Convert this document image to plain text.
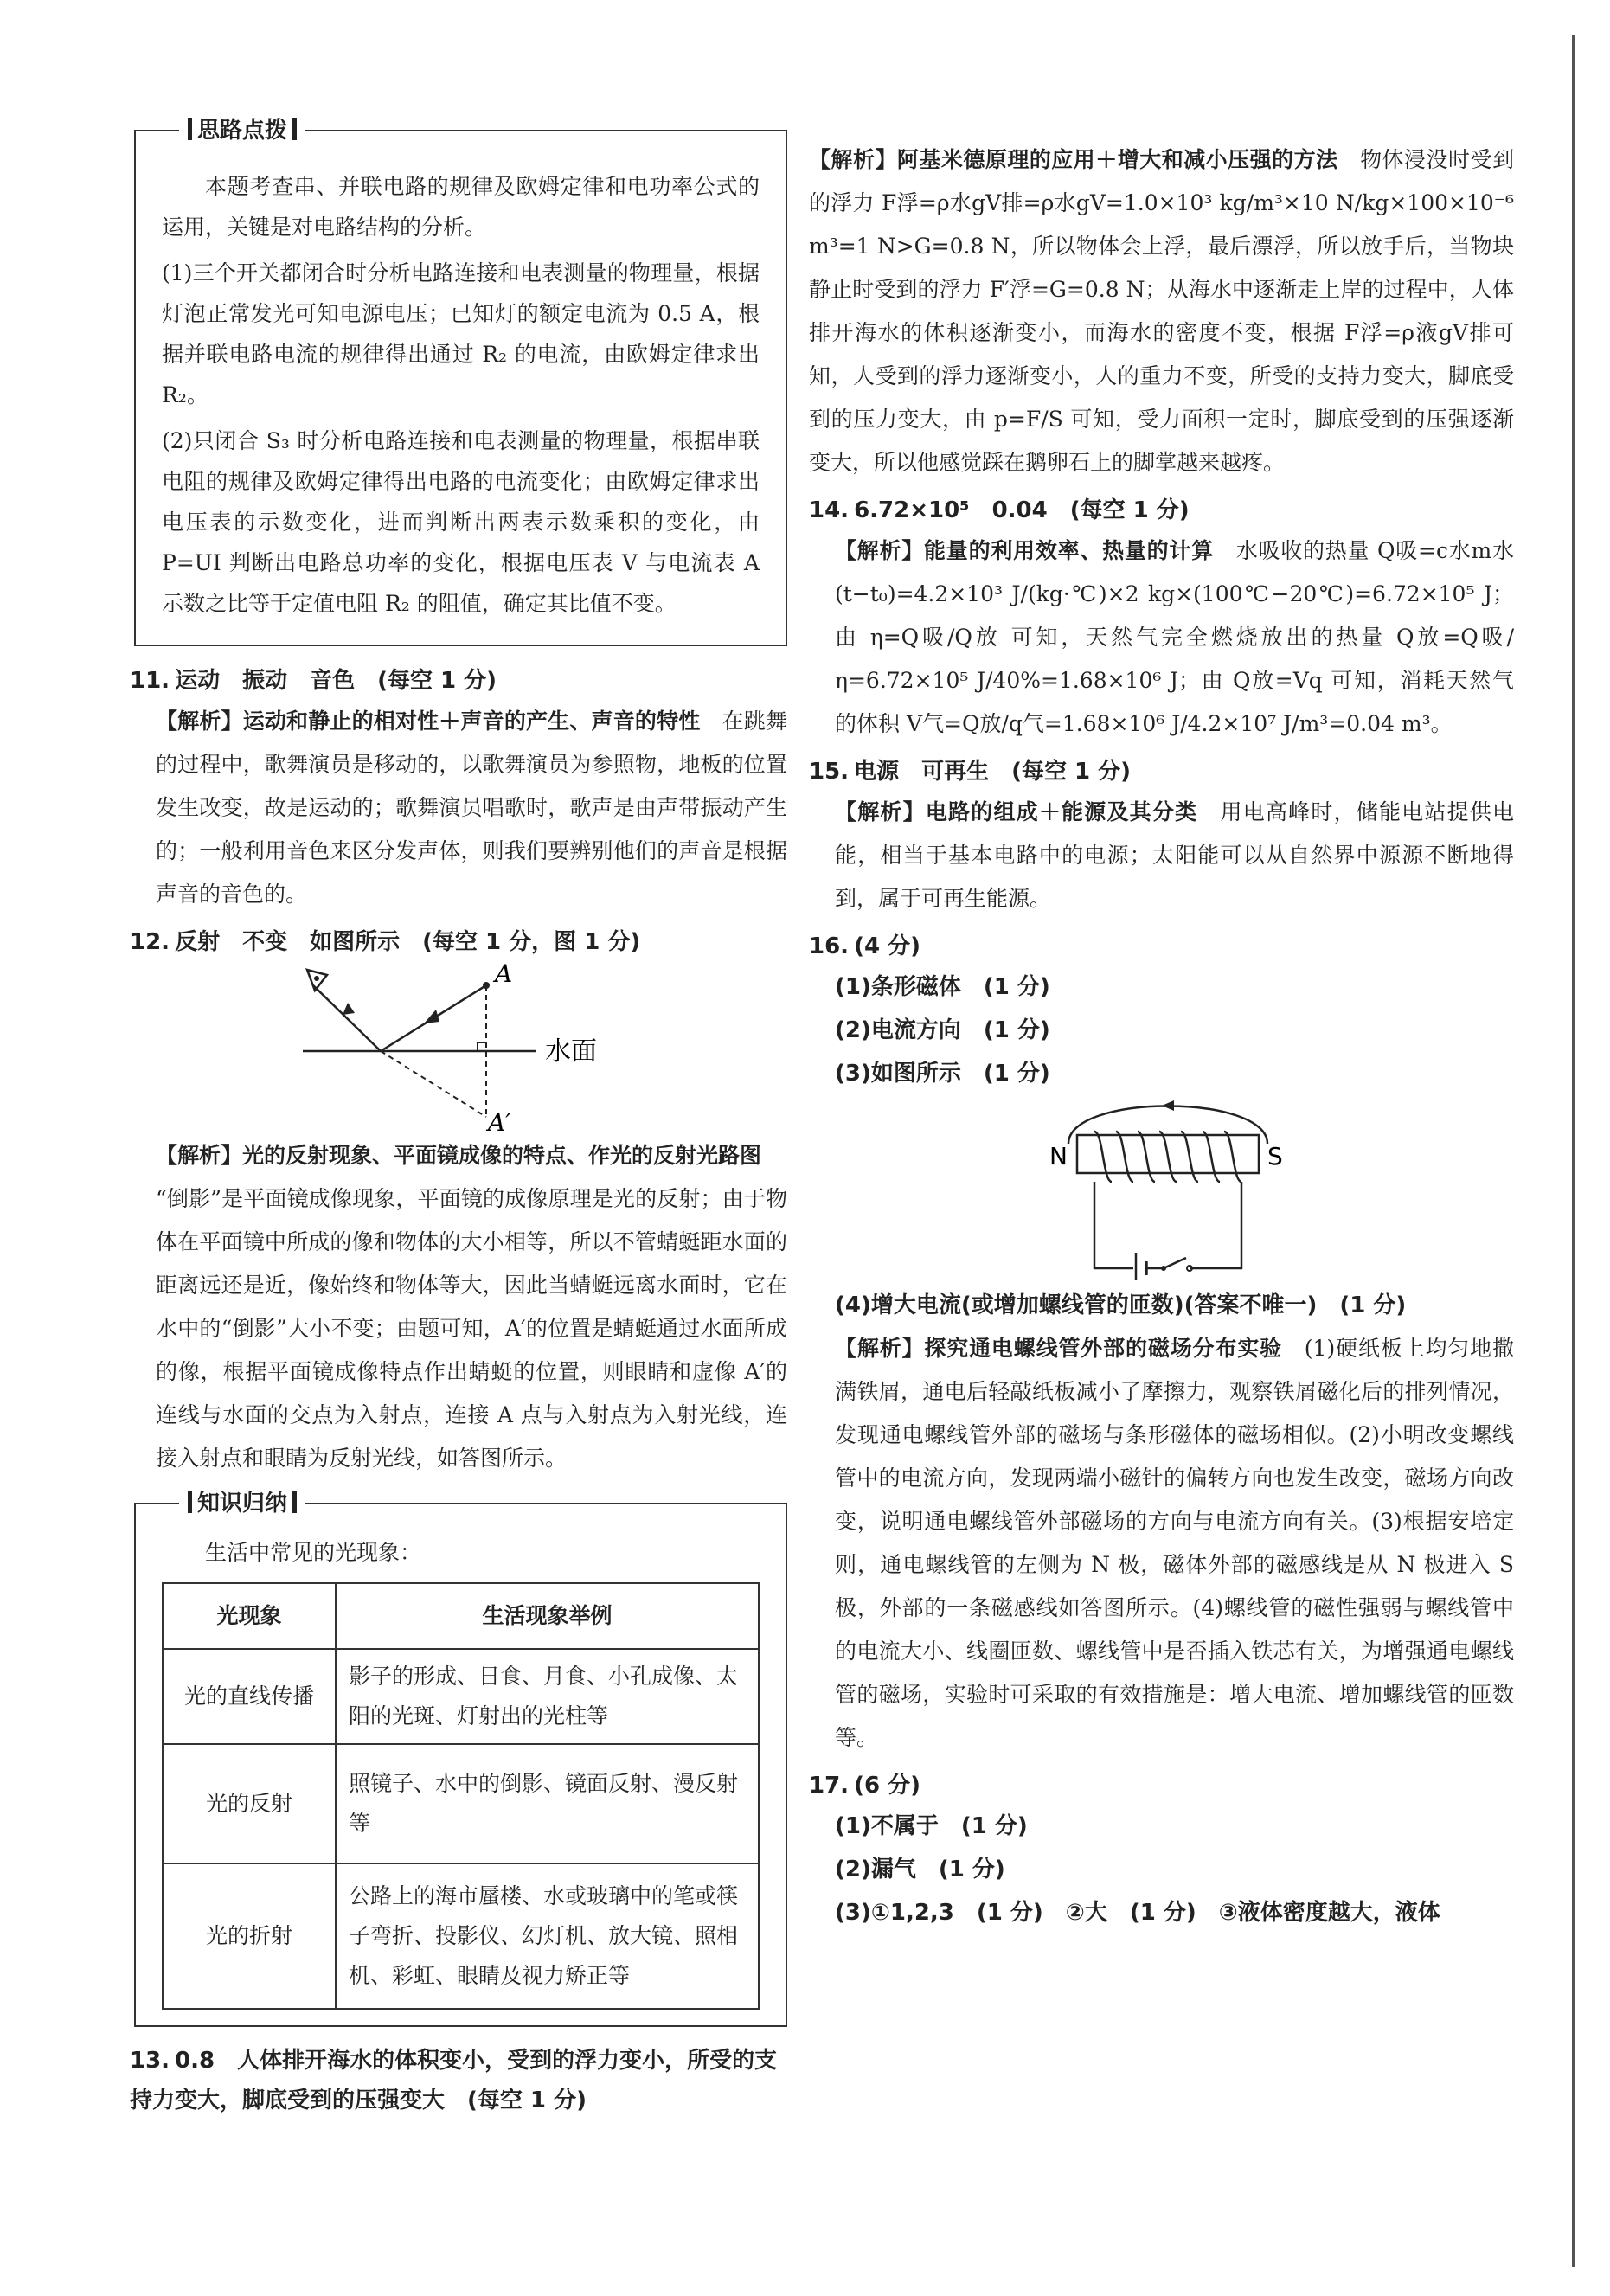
思路点拨

本题考查串、并联电路的规律及欧姆定律和电功率公式的运用，关键是对电路结构的分析。

(1)三个开关都闭合时分析电路连接和电表测量的物理量，根据灯泡正常发光可知电源电压；已知灯的额定电流为 0.5 A，根据并联电路电流的规律得出通过 R₂ 的电流，由欧姆定律求出 R₂。

(2)只闭合 S₃ 时分析电路连接和电表测量的物理量，根据串联电阻的规律及欧姆定律得出电路的电流变化；由欧姆定律求出电压表的示数变化，进而判断出两表示数乘积的变化，由 P=UI 判断出电路总功率的变化，根据电压表 V 与电流表 A 示数之比等于定值电阻 R₂ 的阻值，确定其比值不变。

11. 运动　振动　音色　(每空 1 分)

【解析】运动和静止的相对性＋声音的产生、声音的特性　 在跳舞的过程中，歌舞演员是移动的，以歌舞演员为参照物，地板的位置发生改变，故是运动的；歌舞演员唱歌时，歌声是由声带振动产生的；一般利用音色来区分发声体，则我们要辨别他们的声音是根据声音的音色的。

12. 反射　不变　如图所示　(每空 1 分，图 1 分)

水面
A
A′

【解析】光的反射现象、平面镜成像的特点、作光的反射光路图
“倒影”是平面镜成像现象，平面镜的成像原理是光的反射；由于物体在平面镜中所成的像和物体的大小相等，所以不管蜻蜓距水面的距离远还是近，像始终和物体等大，因此当蜻蜓远离水面时，它在水中的“倒影”大小不变；由题可知，A′的位置是蜻蜓通过水面所成的像，根据平面镜成像特点作出蜻蜓的位置，则眼睛和虚像 A′的连线与水面的交点为入射点，连接 A 点与入射点为入射光线，连接入射点和眼睛为反射光线，如答图所示。

知识归纳

生活中常见的光现象：

光现象	生活现象举例
光的直线传播	影子的形成、日食、月食、小孔成像、太阳的光斑、灯射出的光柱等
光的反射	照镜子、水中的倒影、镜面反射、漫反射等
光的折射	公路上的海市蜃楼、水或玻璃中的笔或筷子弯折、投影仪、幻灯机、放大镜、照相机、彩虹、眼睛及视力矫正等

13. 0.8　人体排开海水的体积变小，受到的浮力变小，所受的支持力变大，脚底受到的压强变大　(每空 1 分)

【解析】阿基米德原理的应用＋增大和减小压强的方法　 物体浸没时受到的浮力 F浮=ρ水gV排=ρ水gV=1.0×10³ kg/m³×10 N/kg×100×10⁻⁶ m³=1 N>G=0.8 N，所以物体会上浮，最后漂浮，所以放手后，当物块静止时受到的浮力 F′浮=G=0.8 N；从海水中逐渐走上岸的过程中，人体排开海水的体积逐渐变小，而海水的密度不变，根据 F浮=ρ液gV排可知，人受到的浮力逐渐变小，人的重力不变，所受的支持力变大，脚底受到的压力变大，由 p=F/S 可知，受力面积一定时，脚底受到的压强逐渐变大，所以他感觉踩在鹅卵石上的脚掌越来越疼。

14. 6.72×10⁵　0.04　(每空 1 分)

【解析】能量的利用效率、热量的计算　 水吸收的热量 Q吸=c水m水(t−t₀)=4.2×10³ J/(kg·℃)×2 kg×(100℃−20℃)=6.72×10⁵ J；由 η=Q吸/Q放 可知，天然气完全燃烧放出的热量 Q放=Q吸/η=6.72×10⁵ J/40%=1.68×10⁶ J；由 Q放=Vq 可知，消耗天然气的体积 V气=Q放/q气=1.68×10⁶ J/4.2×10⁷ J/m³=0.04 m³。

15. 电源　可再生　(每空 1 分)

【解析】电路的组成＋能源及其分类　 用电高峰时，储能电站提供电能，相当于基本电路中的电源；太阳能可以从自然界中源源不断地得到，属于可再生能源。

16. (4 分)

(1)条形磁体　(1 分)
(2)电流方向　(1 分)
(3)如图所示　(1 分)
N	S
(4)增大电流(或增加螺线管的匝数)(答案不唯一)　(1 分)

【解析】探究通电螺线管外部的磁场分布实验　 (1)硬纸板上均匀地撒满铁屑，通电后轻敲纸板减小了摩擦力，观察铁屑磁化后的排列情况，发现通电螺线管外部的磁场与条形磁体的磁场相似。(2)小明改变螺线管中的电流方向，发现两端小磁针的偏转方向也发生改变，磁场方向改变，说明通电螺线管外部磁场的方向与电流方向有关。(3)根据安培定则，通电螺线管的左侧为 N 极，磁体外部的磁感线是从 N 极进入 S 极，外部的一条磁感线如答图所示。(4)螺线管的磁性强弱与螺线管中的电流大小、线圈匝数、螺线管中是否插入铁芯有关，为增强通电螺线管的磁场，实验时可采取的有效措施是：增大电流、增加螺线管的匝数等。

17. (6 分)

(1)不属于　(1 分)
(2)漏气　(1 分)
(3)①1,2,3　(1 分)　②大　(1 分)　③液体密度越大，液体
